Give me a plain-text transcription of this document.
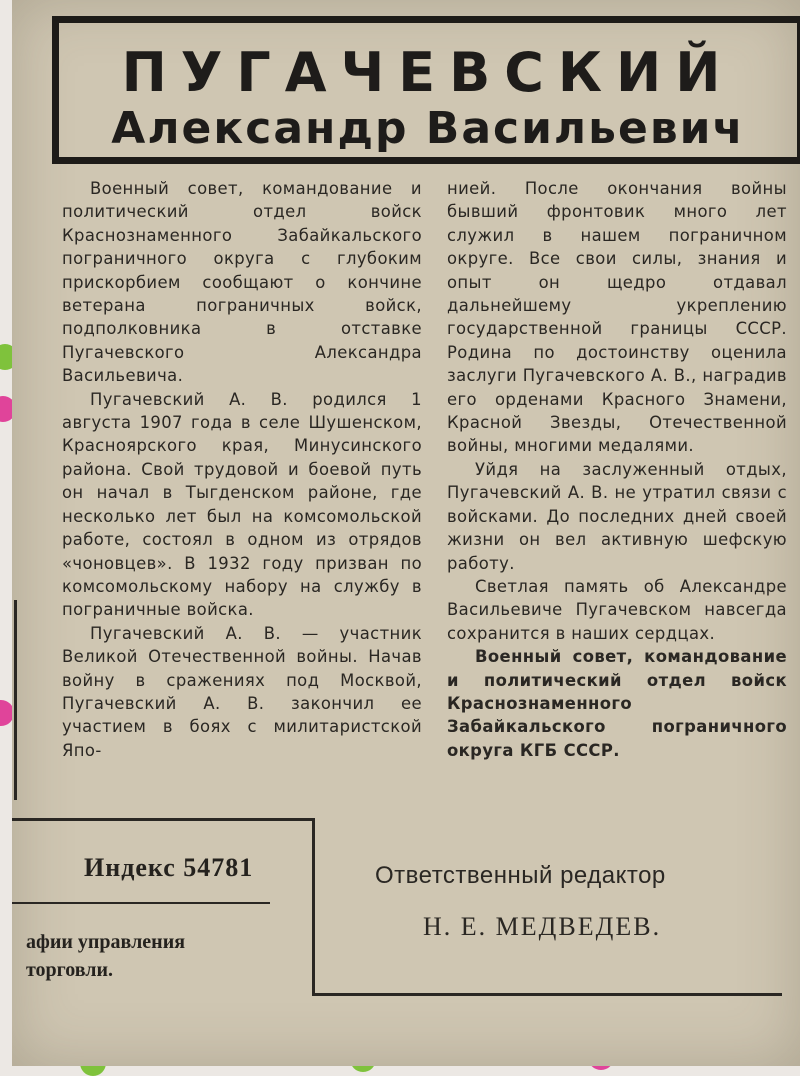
ПУГАЧЕВСКИЙ
Александр Васильевич

Военный совет, командование и политический отдел войск Краснознаменного Забайкальского пограничного округа с глубоким прискорбием сообщают о кончине ветерана пограничных войск, подполковника в отставке Пугачевского Александра Васильевича.

Пугачевский А. В. родился 1 августа 1907 года в селе Шушенском, Красноярского края, Минусинского района. Свой трудовой и боевой путь он начал в Тыгденском районе, где несколько лет был на комсомольской работе, состоял в одном из отрядов «чоновцев». В 1932 году призван по комсомольскому набору на службу в пограничные войска.

Пугачевский А. В. — участник Великой Отечественной войны. Начав войну в сражениях под Москвой, Пугачевский А. В. закончил ее участием в боях с милитаристской Япо-

нией. После окончания войны бывший фронтовик много лет служил в нашем пограничном округе. Все свои силы, знания и опыт он щедро отдавал дальнейшему укреплению государственной границы СССР. Родина по достоинству оценила заслуги Пугачевского А. В., наградив его орденами Красного Знамени, Красной Звезды, Отечественной войны, многими медалями.

Уйдя на заслуженный отдых, Пугачевский А. В. не утратил связи с войсками. До последних дней своей жизни он вел активную шефскую работу.

Светлая память об Александре Васильевиче Пугачевском навсегда сохранится в наших сердцах.

Военный совет, командование и политический отдел войск Краснознаменного Забайкальского пограничного округа КГБ СССР.

Индекс 54781
афии управления
торговли.
Ответственный редактор
Н. Е. МЕДВЕДЕВ.
